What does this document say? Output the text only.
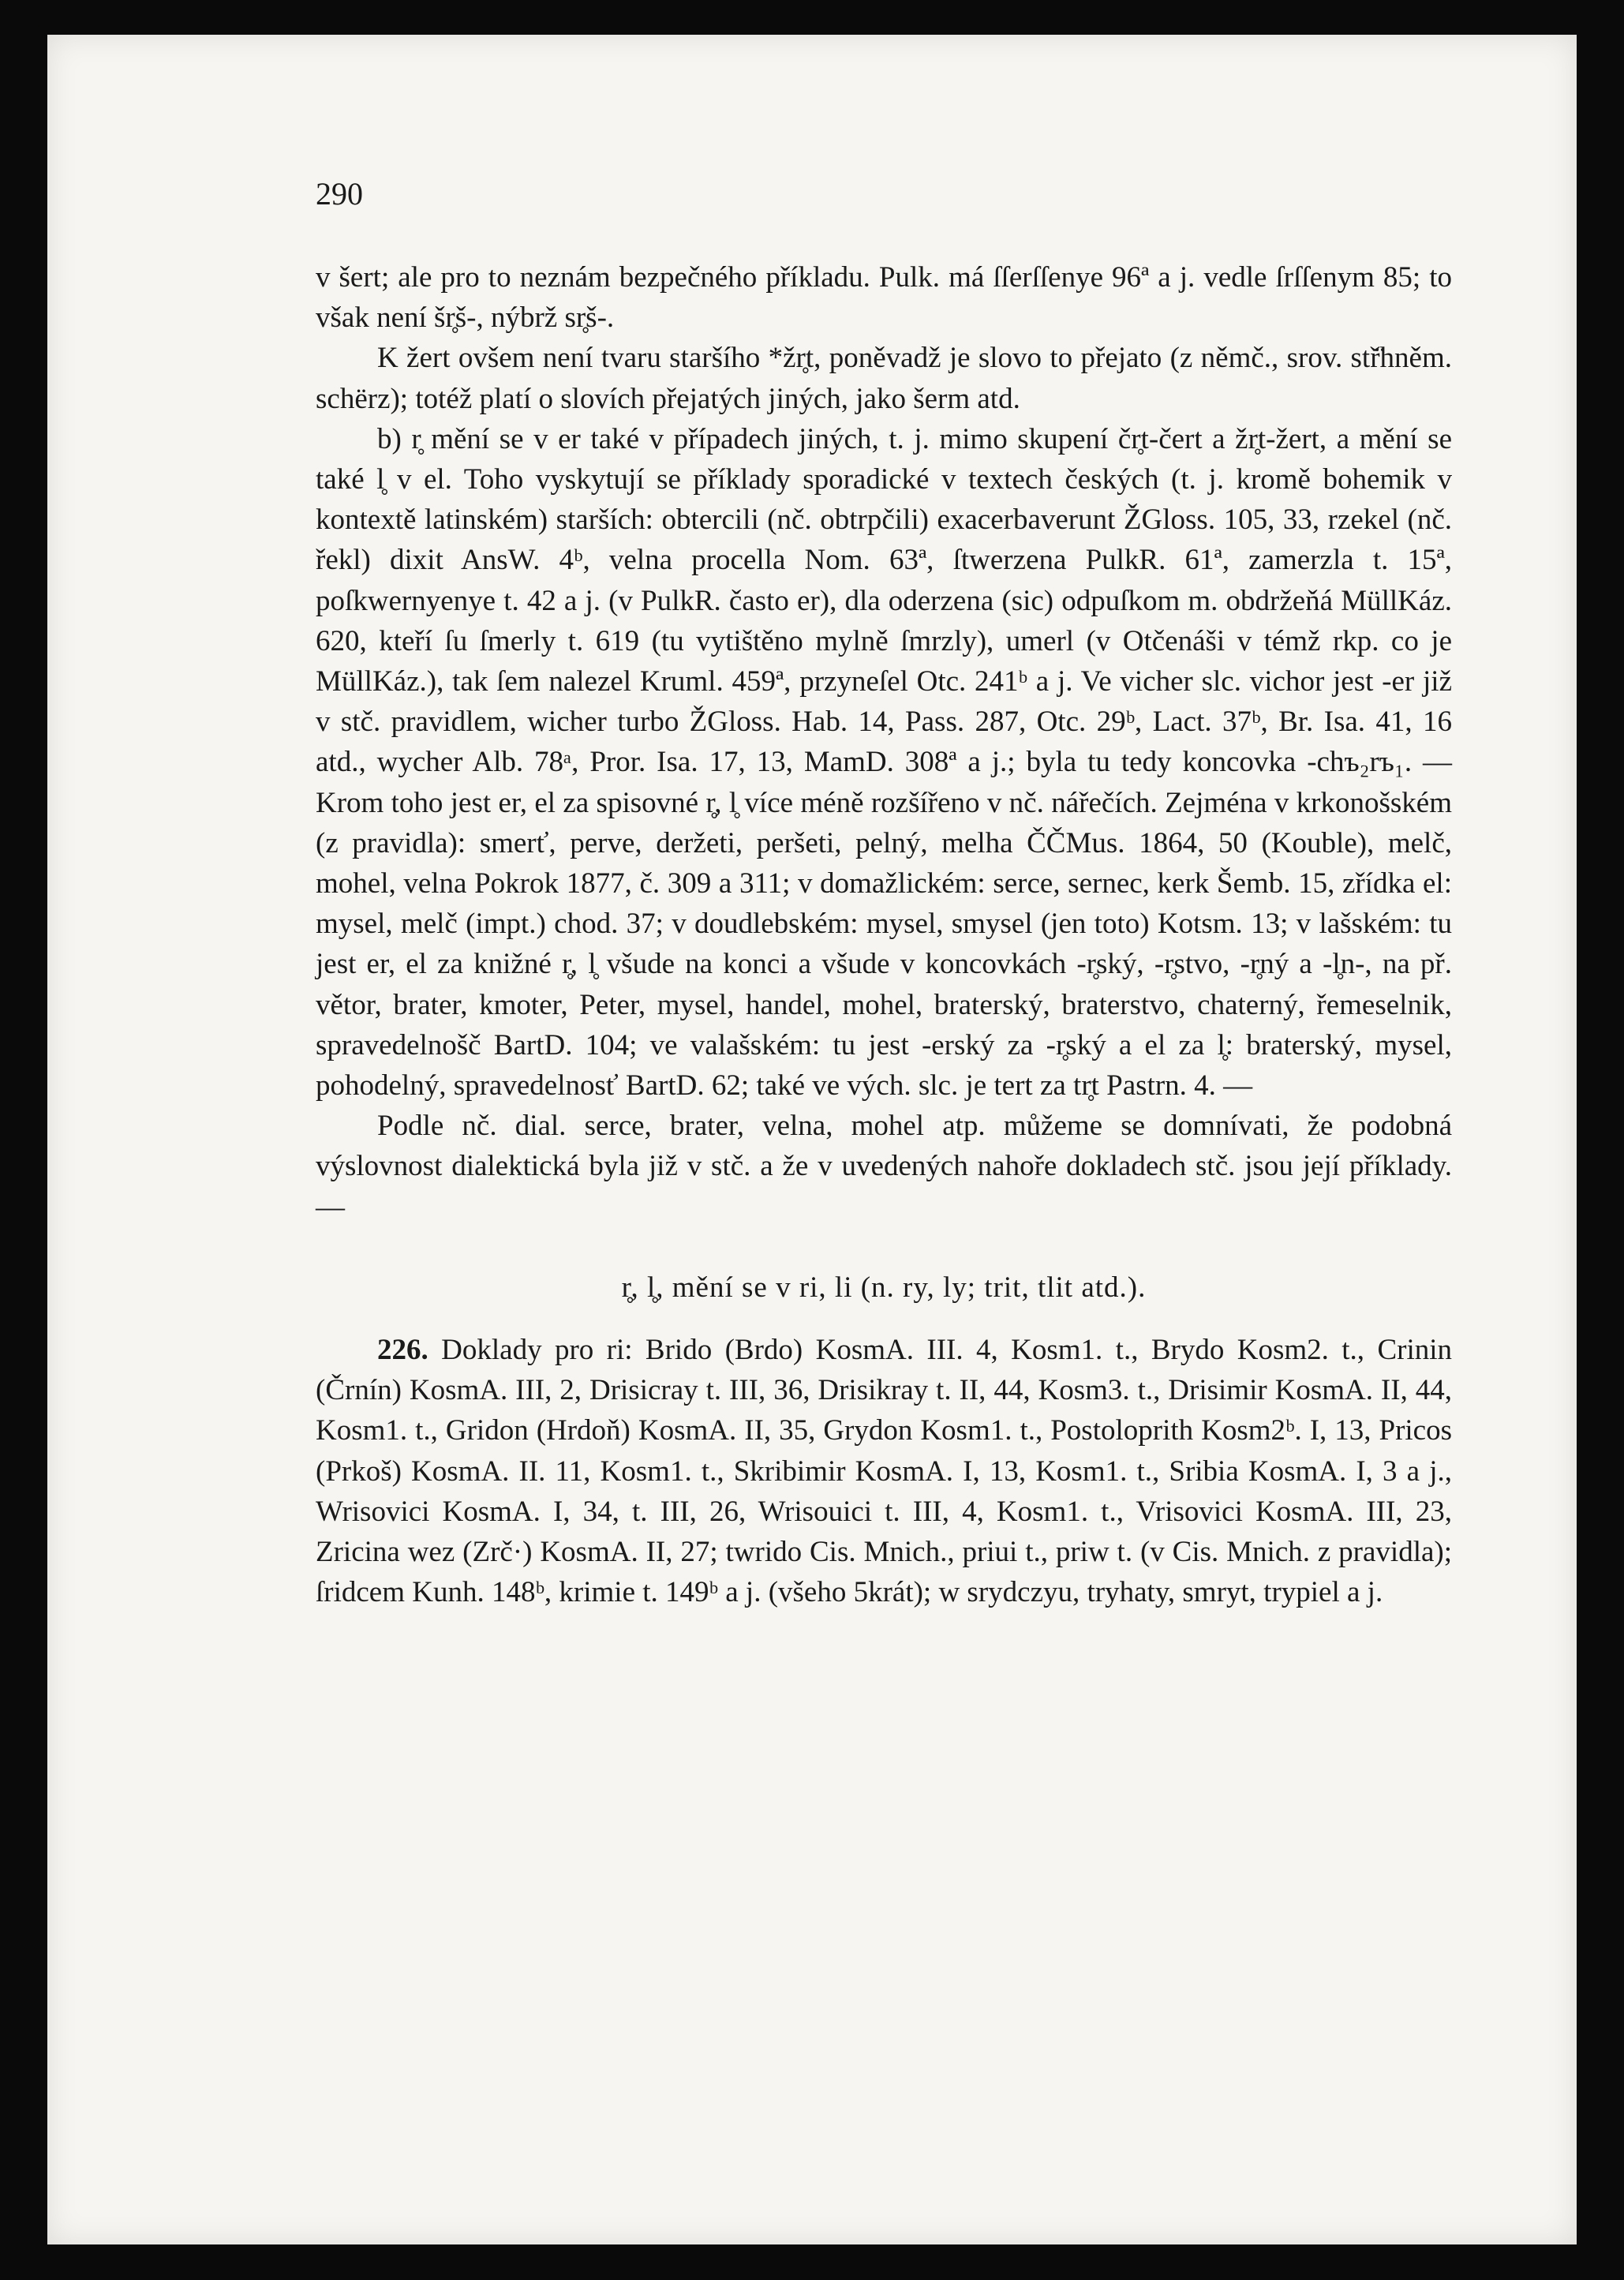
290

v šert; ale pro to neznám bezpečného příkladu. Pulk. má ſſerſſenye 96ª a j. vedle ſrſſenym 85; to však není šr̥š-, nýbrž sr̥š-.

K žert ovšem není tvaru staršího *žr̥t, poněvadž je slovo to přejato (z němč., srov. stř̈hněm. schërz); totéž platí o slovích přejatých jiných, jako šerm atd.

b) r̥ mění se v er také v případech jiných, t. j. mimo skupení čr̥t-čert a žr̥t-žert, a mění se také l̥ v el. Toho vyskytují se příklady sporadické v textech českých (t. j. kromě bohemik v kontextě latinském) starších: obtercili (nč. obtrpčili) exacerbaverunt ŽGloss. 105, 33, rzekel (nč. řekl) dixit AnsW. 4ᵇ, velna procella Nom. 63ª, ſtwerzena PulkR. 61ª, zamerzla t. 15ª, poſkwernyenye t. 42 a j. (v PulkR. často er), dla oderzena (sic) odpuſkom m. obdržeňá MüllKáz. 620, kteří ſu ſmerly t. 619 (tu vytištěno mylně ſmrzly), umerl (v Otčenáši v témž rkp. co je MüllKáz.), tak ſem nalezel Kruml. 459ª, przyneſel Otc. 241ᵇ a j. Ve vicher slc. vichor jest -er již v stč. pravidlem, wicher turbo ŽGloss. Hab. 14, Pass. 287, Otc. 29ᵇ, Lact. 37ᵇ, Br. Isa. 41, 16 atd., wycher Alb. 78ᵃ, Pror. Isa. 17, 13, MamD. 308ª a j.; byla tu tedy koncovka -chъ₂rъ₁. — Krom toho jest er, el za spisovné r̥, l̥ více méně rozšířeno v nč. nářečích. Zejména v krkonošském (z pravidla): smerť, perve, deržeti, peršeti, pelný, melha ČČMus. 1864, 50 (Kouble), melč, mohel, velna Pokrok 1877, č. 309 a 311; v domažlickém: serce, sernec, kerk Šemb. 15, zřídka el: mysel, melč (impt.) chod. 37; v doudlebském: mysel, smysel (jen toto) Kotsm. 13; v lašském: tu jest er, el za knižné r̥, l̥ všude na konci a všude v koncovkách -r̥ský, -r̥stvo, -r̥ný a -l̥n-, na př. větor, brater, kmoter, Peter, mysel, handel, mohel, braterský, braterstvo, chaterný, řemeselnik, spravedelnošč BartD. 104; ve valašském: tu jest -erský za -r̥ský a el za l̥: braterský, mysel, pohodelný, spravedelnosť BartD. 62; také ve vých. slc. je tert za tr̥t Pastrn. 4. —

Podle nč. dial. serce, brater, velna, mohel atp. můžeme se domnívati, že podobná výslovnost dialektická byla již v stč. a že v uvedených nahoře dokladech stč. jsou její příklady. —

r̥, l̥, mění se v ri, li (n. ry, ly; trit, tlit atd.).

226. Doklady pro ri: Brido (Brdo) KosmA. III. 4, Kosm1. t., Brydo Kosm2. t., Crinin (Črnín) KosmA. III, 2, Drisicray t. III, 36, Drisikray t. II, 44, Kosm3. t., Drisimir KosmA. II, 44, Kosm1. t., Gridon (Hrdoň) KosmA. II, 35, Grydon Kosm1. t., Postoloprith Kosm2ᵇ. I, 13, Pricos (Prkoš) KosmA. II. 11, Kosm1. t., Skribimir KosmA. I, 13, Kosm1. t., Sribia KosmA. I, 3 a j., Wrisovici KosmA. I, 34, t. III, 26, Wrisouici t. III, 4, Kosm1. t., Vrisovici KosmA. III, 23, Zricina wez (Zrč·) KosmA. II, 27; twrido Cis. Mnich., priui t., priw t. (v Cis. Mnich. z pravidla); ſridcem Kunh. 148ᵇ, krimie t. 149ᵇ a j. (všeho 5krát); w srydczyu, tryhaty, smryt, trypiel a j.
